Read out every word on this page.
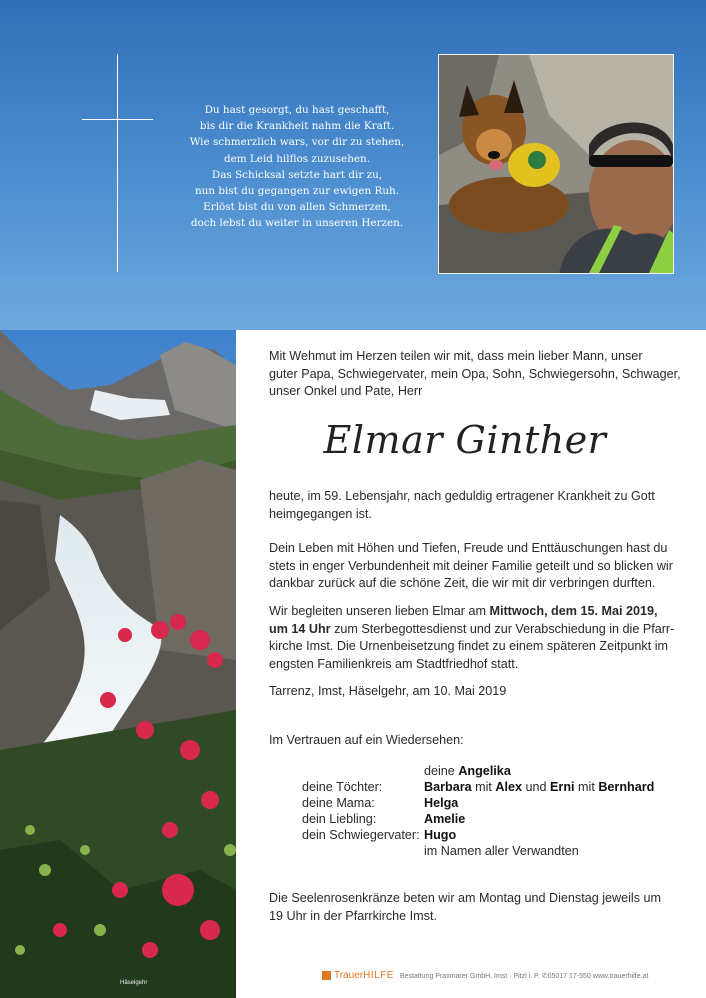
Häselgehr
Du hast gesorgt, du hast geschafft,
bis dir die Krankheit nahm die Kraft.
Wie schmerzlich wars, vor dir zu stehen,
dem Leid hilflos zuzusehen.
Das Schicksal setzte hart dir zu,
nun bist du gegangen zur ewigen Ruh.
Erlöst bist du von allen Schmerzen,
doch lebst du weiter in unseren Herzen.
Mit Wehmut im Herzen teilen wir mit, dass mein lieber Mann, unser
guter Papa, Schwiegervater, mein Opa, Sohn, Schwiegersohn, Schwager,
unser Onkel und Pate, Herr
Elmar Ginther
heute, im 59. Lebensjahr, nach geduldig ertragener Krankheit zu Gott
heimgegangen ist.
Dein Leben mit Höhen und Tiefen, Freude und Enttäuschungen hast du
stets in enger Verbundenheit mit deiner Familie geteilt und so blicken wir
dankbar zurück auf die schöne Zeit, die wir mit dir verbringen durften.
Wir begleiten unseren lieben Elmar am Mittwoch, dem 15. Mai 2019,
um 14 Uhr zum Sterbegottesdienst und zur Verabschiedung in die Pfarr-
kirche Imst. Die Urnenbeisetzung findet zu einem späteren Zeitpunkt im
engsten Familienkreis am Stadtfriedhof statt.
Tarrenz, Imst, Häselgehr, am 10. Mai 2019
Im Vertrauen auf ein Wiedersehen:
deine Angelika
deine Töchter:	Barbara mit Alex und Erni mit Bernhard
deine Mama:	Helga
dein Liebling:	Amelie
dein Schwiegervater: Hugo
im Namen aller Verwandten
Die Seelenrosenkränze beten wir am Montag und Dienstag jeweils um
19 Uhr in der Pfarrkirche Imst.
TrauerHILFE Bestattung Praxmarer GmbH, Imst · Pitzl i. P. ✆05017 17-550 www.trauerhilfe.at
